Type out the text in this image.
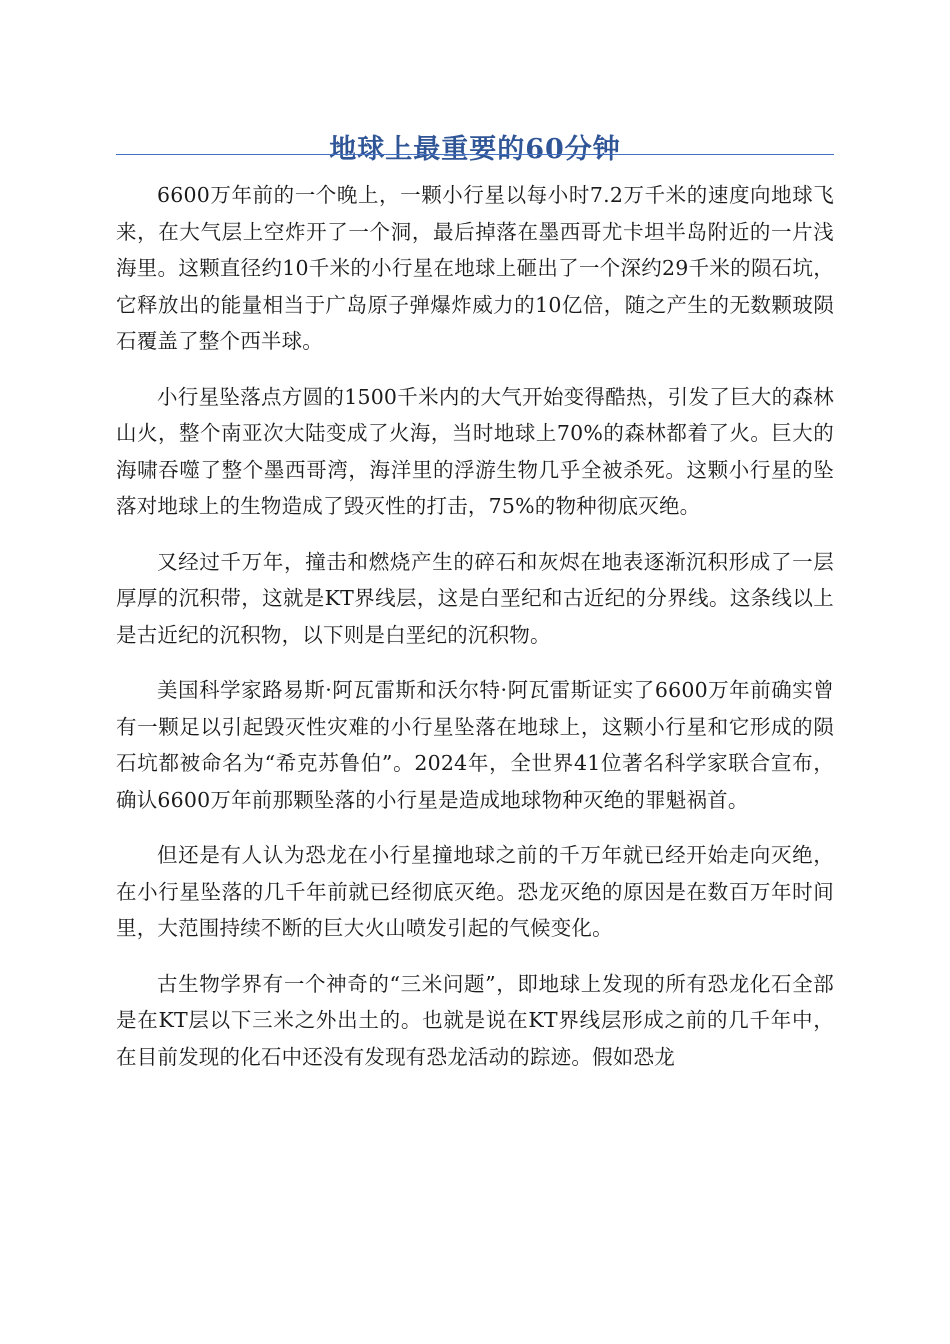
地球上最重要的60分钟

6600万年前的一个晚上，一颗小行星以每小时7.2万千米的速度向地球飞来，在大气层上空炸开了一个洞，最后掉落在墨西哥尤卡坦半岛附近的一片浅海里。这颗直径约10千米的小行星在地球上砸出了一个深约29千米的陨石坑，它释放出的能量相当于广岛原子弹爆炸威力的10亿倍，随之产生的无数颗玻陨石覆盖了整个西半球。

小行星坠落点方圆的1500千米内的大气开始变得酷热，引发了巨大的森林山火，整个南亚次大陆变成了火海，当时地球上70%的森林都着了火。巨大的海啸吞噬了整个墨西哥湾，海洋里的浮游生物几乎全被杀死。这颗小行星的坠落对地球上的生物造成了毁灭性的打击，75%的物种彻底灭绝。

又经过千万年，撞击和燃烧产生的碎石和灰烬在地表逐渐沉积形成了一层厚厚的沉积带，这就是KT界线层，这是白垩纪和古近纪的分界线。这条线以上是古近纪的沉积物，以下则是白垩纪的沉积物。

美国科学家路易斯·阿瓦雷斯和沃尔特·阿瓦雷斯证实了6600万年前确实曾有一颗足以引起毁灭性灾难的小行星坠落在地球上，这颗小行星和它形成的陨石坑都被命名为“希克苏鲁伯”。2024年，全世界41位著名科学家联合宣布，确认6600万年前那颗坠落的小行星是造成地球物种灭绝的罪魁祸首。

但还是有人认为恐龙在小行星撞地球之前的千万年就已经开始走向灭绝，在小行星坠落的几千年前就已经彻底灭绝。恐龙灭绝的原因是在数百万年时间里，大范围持续不断的巨大火山喷发引起的气候变化。

古生物学界有一个神奇的“三米问题”，即地球上发现的所有恐龙化石全部是在KT层以下三米之外出土的。也就是说在KT界线层形成之前的几千年中，在目前发现的化石中还没有发现有恐龙活动的踪迹。假如恐龙
